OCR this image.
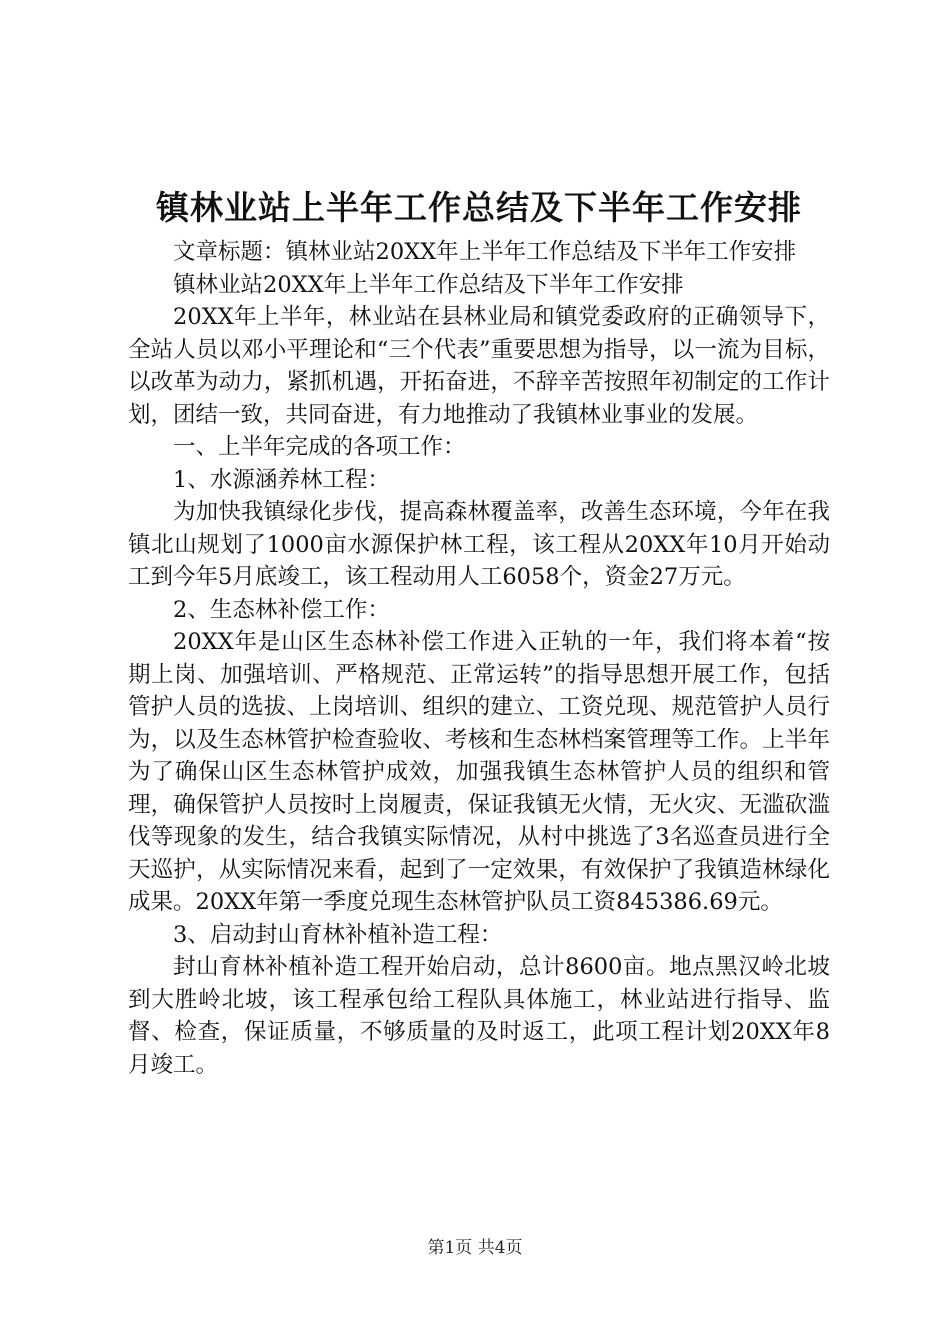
镇林业站上半年工作总结及下半年工作安排

文章标题：镇林业站20XX年上半年工作总结及下半年工作安排

镇林业站20XX年上半年工作总结及下半年工作安排

20XX年上半年，林业站在县林业局和镇党委政府的正确领导下，全站人员以邓小平理论和“三个代表”重要思想为指导，以一流为目标，以改革为动力，紧抓机遇，开拓奋进，不辞辛苦按照年初制定的工作计划，团结一致，共同奋进，有力地推动了我镇林业事业的发展。

一、上半年完成的各项工作：

1、水源涵养林工程：

为加快我镇绿化步伐，提高森林覆盖率，改善生态环境，今年在我镇北山规划了1000亩水源保护林工程，该工程从20XX年10月开始动工到今年5月底竣工，该工程动用人工6058个，资金27万元。

2、生态林补偿工作：

20XX年是山区生态林补偿工作进入正轨的一年，我们将本着“按期上岗、加强培训、严格规范、正常运转”的指导思想开展工作，包括管护人员的选拔、上岗培训、组织的建立、工资兑现、规范管护人员行为，以及生态林管护检查验收、考核和生态林档案管理等工作。上半年为了确保山区生态林管护成效，加强我镇生态林管护人员的组织和管理，确保管护人员按时上岗履责，保证我镇无火情，无火灾、无滥砍滥伐等现象的发生，结合我镇实际情况，从村中挑选了3名巡查员进行全天巡护，从实际情况来看，起到了一定效果，有效保护了我镇造林绿化成果。20XX年第一季度兑现生态林管护队员工资845386.69元。

3、启动封山育林补植补造工程：

封山育林补植补造工程开始启动，总计8600亩。地点黑汉岭北坡到大胜岭北坡，该工程承包给工程队具体施工，林业站进行指导、监督、检查，保证质量，不够质量的及时返工，此项工程计划20XX年8月竣工。

第1页 共4页
